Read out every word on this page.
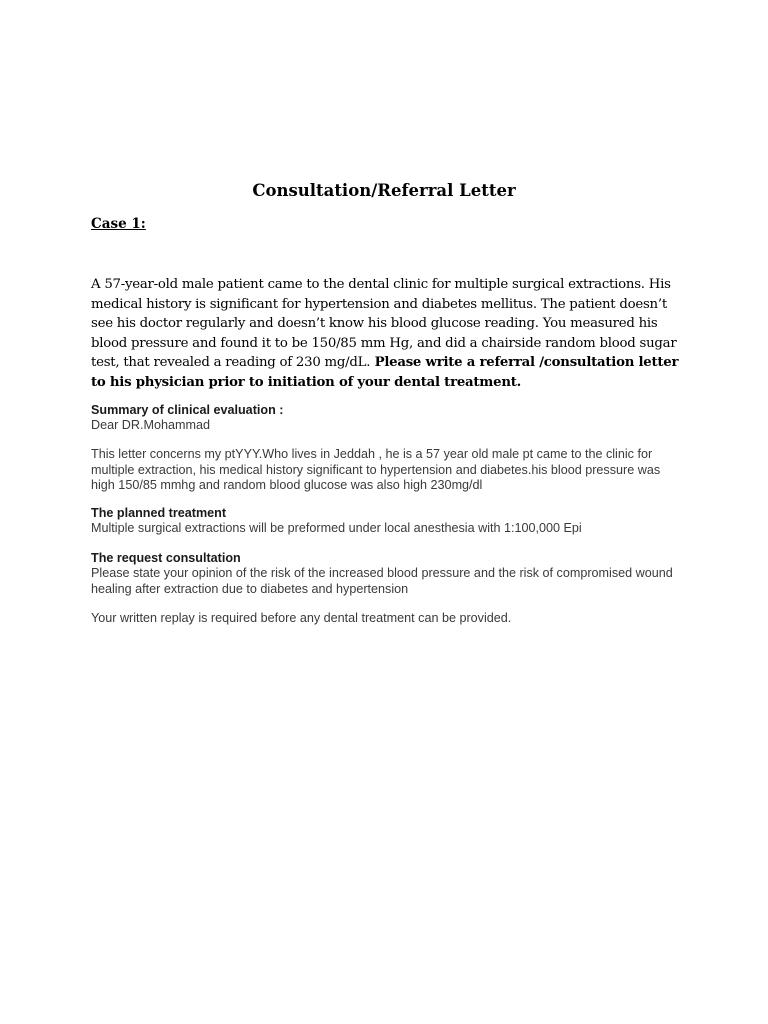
Consultation/Referral Letter
Case 1:
A 57-year-old male patient came to the dental clinic for multiple surgical extractions. His medical history is significant for hypertension and diabetes mellitus. The patient doesn’t see his doctor regularly and doesn’t know his blood glucose reading. You measured his blood pressure and found it to be 150/85 mm Hg, and did a chairside random blood sugar test, that revealed a reading of 230 mg/dL. Please write a referral /consultation letter to his physician prior to initiation of your dental treatment.
Summary of clinical evaluation :
Dear DR.Mohammad
This letter concerns my ptYYY.Who lives in Jeddah , he is a 57 year old male pt came to the clinic for multiple extraction, his medical history significant to hypertension and diabetes.his blood pressure was high 150/85 mmhg and random blood glucose was also high 230mg/dl
The planned treatment
Multiple surgical extractions will be preformed under local anesthesia with 1:100,000 Epi
The request consultation
Please state your opinion of the risk of the increased blood pressure and the risk of compromised wound healing after extraction due to diabetes and hypertension
Your written replay is required before any dental treatment can be provided.
